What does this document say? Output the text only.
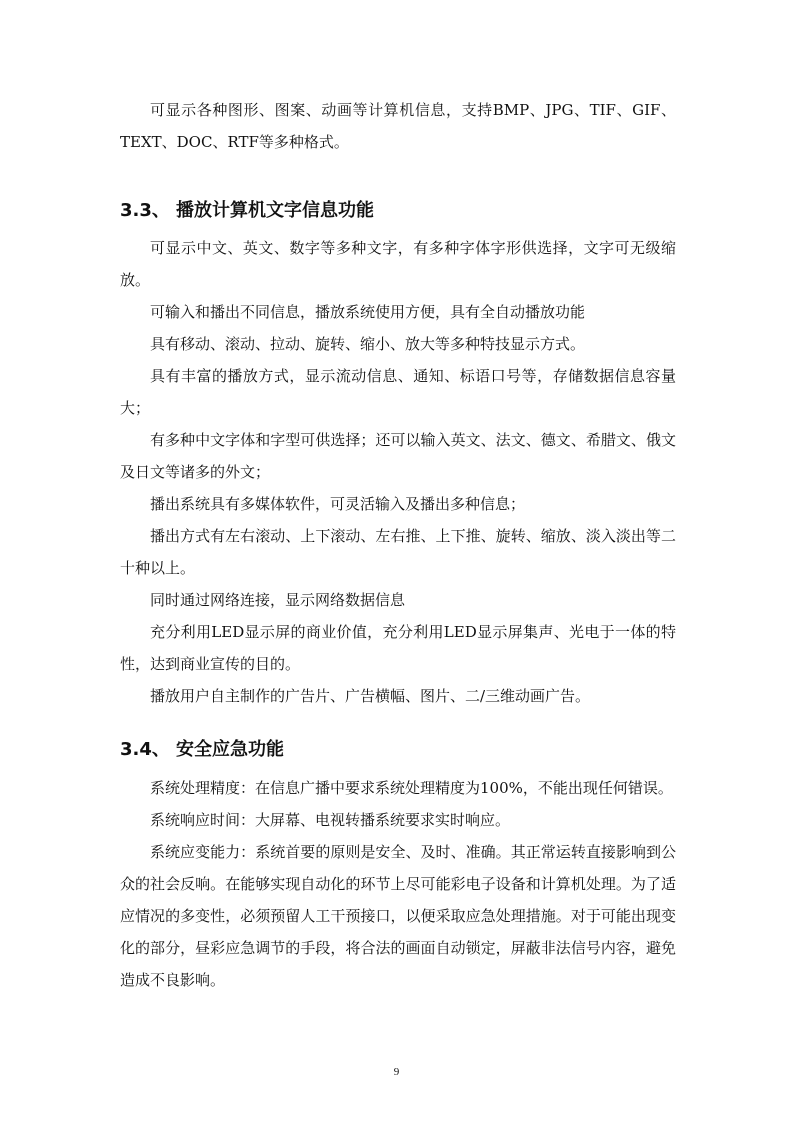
可显示各种图形、图案、动画等计算机信息，支持BMP、JPG、TIF、GIF、TEXT、DOC、RTF等多种格式。

3.3、 播放计算机文字信息功能

可显示中文、英文、数字等多种文字，有多种字体字形供选择，文字可无级缩放。

可输入和播出不同信息，播放系统使用方便，具有全自动播放功能

具有移动、滚动、拉动、旋转、缩小、放大等多种特技显示方式。

具有丰富的播放方式，显示流动信息、通知、标语口号等，存储数据信息容量大；

有多种中文字体和字型可供选择；还可以输入英文、法文、德文、希腊文、俄文及日文等诸多的外文；

播出系统具有多媒体软件，可灵活输入及播出多种信息；

播出方式有左右滚动、上下滚动、左右推、上下推、旋转、缩放、淡入淡出等二十种以上。

同时通过网络连接，显示网络数据信息

充分利用LED显示屏的商业价值，充分利用LED显示屏集声、光电于一体的特性，达到商业宣传的目的。

播放用户自主制作的广告片、广告横幅、图片、二/三维动画广告。

3.4、 安全应急功能

系统处理精度：在信息广播中要求系统处理精度为100%，不能出现任何错误。

系统响应时间：大屏幕、电视转播系统要求实时响应。

系统应变能力：系统首要的原则是安全、及时、准确。其正常运转直接影响到公众的社会反响。在能够实现自动化的环节上尽可能彩电子设备和计算机处理。为了适应情况的多变性，必须预留人工干预接口，以便采取应急处理措施。对于可能出现变化的部分，昼彩应急调节的手段，将合法的画面自动锁定，屏蔽非法信号内容，避免造成不良影响。

9
